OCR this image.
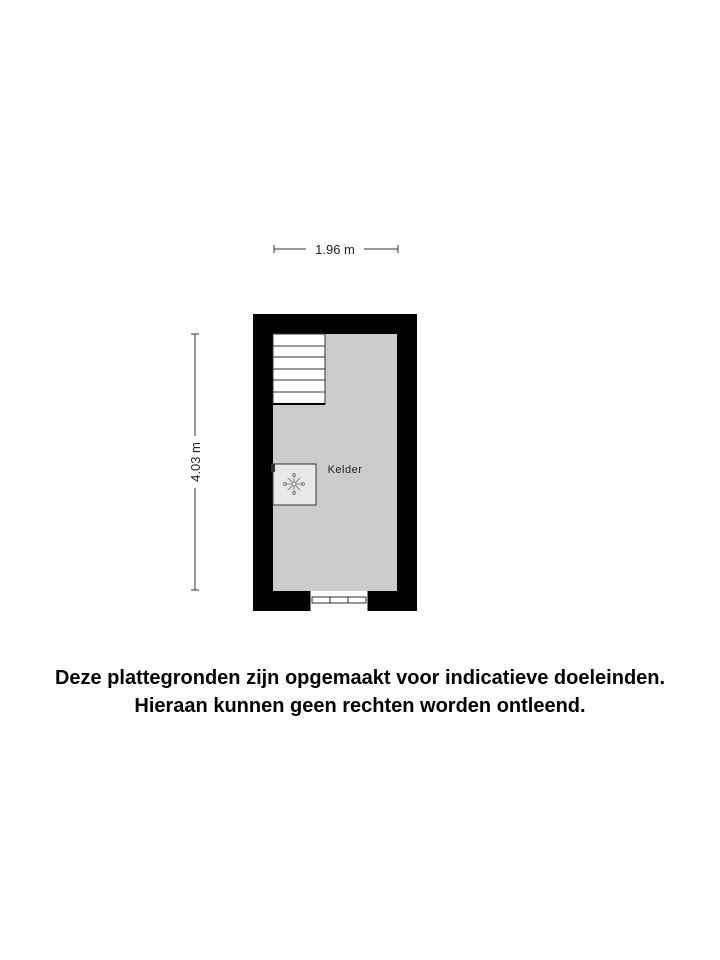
1.96 m
4.03 m	Kelder
Deze plattegronden zijn opgemaakt voor indicatieve doeleinden.
Hieraan kunnen geen rechten worden ontleend.
